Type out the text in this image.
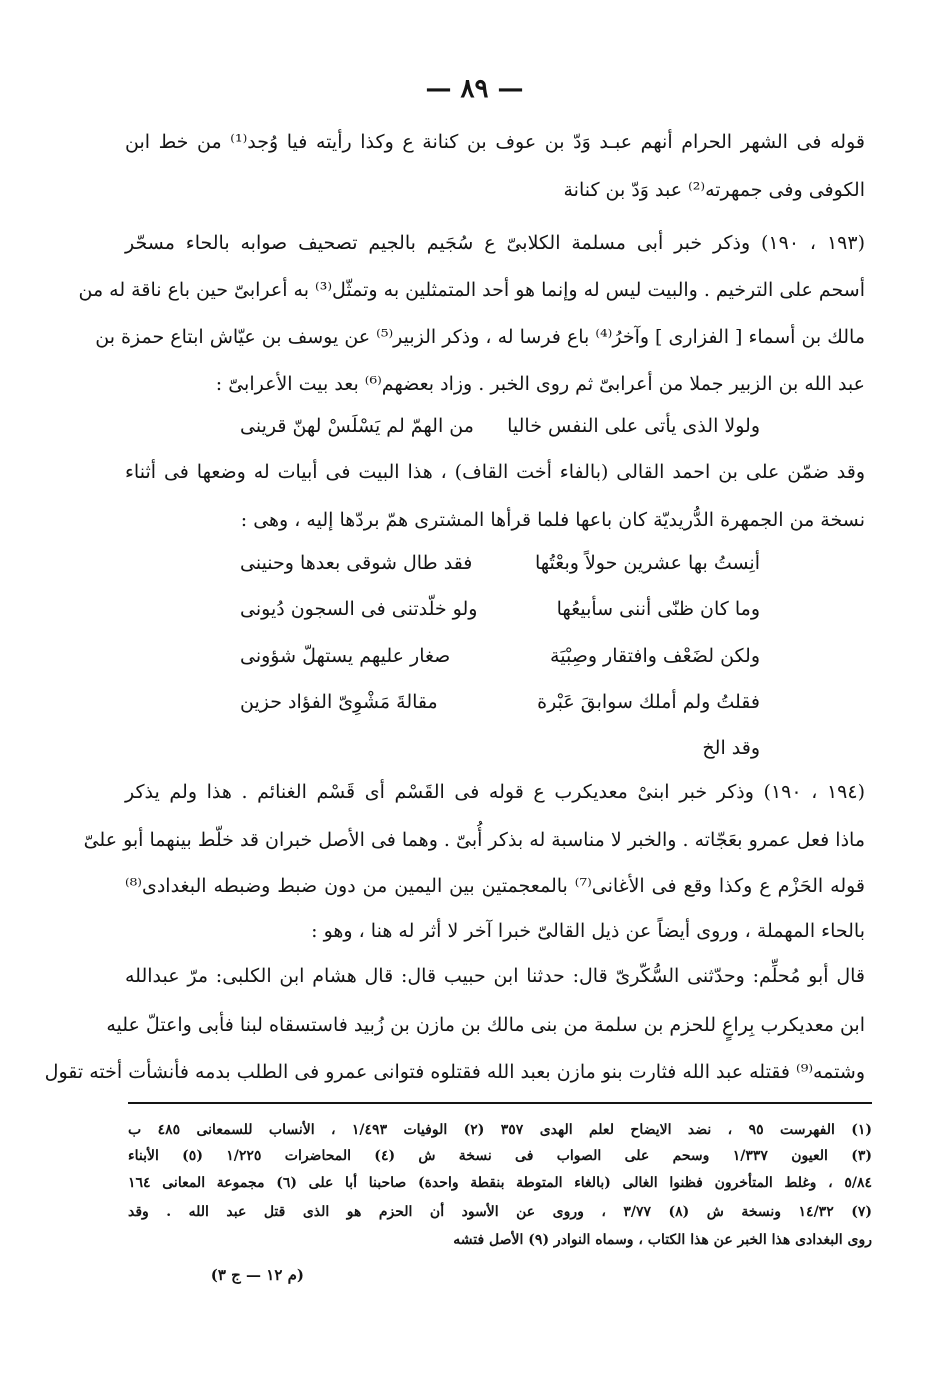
— ٨٩ —
قوله فى الشهر الحرام أنهم عبـد وَدّ بن عوف بن كنانة ع وكذا رأيته فيا وُجد⁽¹⁾ من خط ابن
الكوفى وفى جمهرته⁽²⁾ عبد وَدّ بن كنانة
(١٩٣ ، ١٩٠) وذكر خبر أبى مسلمة الكلابىّ ع سُجَيم بالجيم تصحيف صوابه بالحاء مسحّر
أسحم على الترخيم . والبيت ليس له وإنما هو أحد المتمثلين به وتمثّل⁽³⁾ به أعرابىّ حين باع ناقة له من
مالك بن أسماء [ الفزارى ] وآخرُ⁽⁴⁾ باع فرسا له ، وذكر الزبير⁽⁵⁾ عن يوسف بن عيّاش ابتاع حمزة بن
عبد الله بن الزبير جملا من أعرابىّ ثم روى الخبر . وزاد بعضهم⁽⁶⁾ بعد بيت الأعرابىّ :
ولولا الذى يأتى على النفس خاليا
من الهمّ لم يَسْلَسْ لهنّ قرينى
وقد ضمّن على بن احمد القالى (بالفاء أخت القاف) ، هذا البيت فى أبيات له وضعها فى أثناء
نسخة من الجمهرة الدُّريديّة كان باعها فلما قرأها المشترى همّ بردّها إليه ، وهى :
أنِستُ بها عشرين حولاً وبعْتُها
فقد طال شوقى بعدها وحنينى
وما كان ظنّى أننى سأبيعُها
ولو خلّدتنى فى السجون دُيونى
ولكن لضَعْف وافتقار وصِبْيَة
صغار عليهم يستهلّ شؤونى
فقلتُ ولم أملك سوابقَ عَبْرة
مقالةَ مَشْوِىّ الفؤاد حزين
وقد الخ
(١٩٤ ، ١٩٠) وذكر خبر ابنىْ معديكرب ع قوله فى القَسْم أى قَسْم الغنائم . هذا ولم يذكر
ماذا فعل عمرو بعَجّاته . والخبر لا مناسبة له بذكر أُبىّ . وهما فى الأصل خبران قد خلّط بينهما أبو علىّ
قوله الحَزْم ع وكذا وقع فى الأغانى⁽⁷⁾ بالمعجمتين بين اليمين من دون ضبط وضبطه البغدادى⁽⁸⁾
بالحاء المهملة ، وروى أيضاً عن ذيل القالىّ خبرا آخر لا أثر له هنا ، وهو :
قال أبو مُحلِّم: وحدّثنى السُّكّرىّ قال: حدثنا ابن حبيب قال: قال هشام ابن الكلبى: مرّ عبدالله
ابن معديكرب بِراعٍ للحزم بن سلمة من بنى مالك بن مازن بن زُبيد فاستسقاه لبنا فأبى واعتلّ عليه
وشتمه⁽⁹⁾ فقتله عبد الله فثارت بنو مازن بعبد الله فقتلوه فتوانى عمرو فى الطلب بدمه فأنشأت أخته تقول
(١) الفهرست ٩٥ ، نضد الايضاح لعلم الهدى ٣٥٧ (٢) الوفيات ١/٤٩٣ ، الأنساب للسمعانى ٤٨٥ ب
(٣) العيون ١/٣٣٧ وسحم على الصواب فى نسخة ش (٤) المحاضرات ١/٢٢٥ (٥) الأبناء
٥/٨٤ ، وغلط المتأخرون فظنوا الغالى (بالغاء المتوطة بنقطة واحدة) صاحبنا أبا على (٦) مجموعة المعانى ١٦٤
(٧) ١٤/٣٢ ونسخة ش (٨) ٣/٧٧ ، وروى عن الأسود أن الحزم هو الذى قتل عبد الله . وقد
روى البغدادى هذا الخبر عن هذا الكتاب ، وسماه النوادر (٩) الأصل فتشه
(م ١٢ — ج ٣)
